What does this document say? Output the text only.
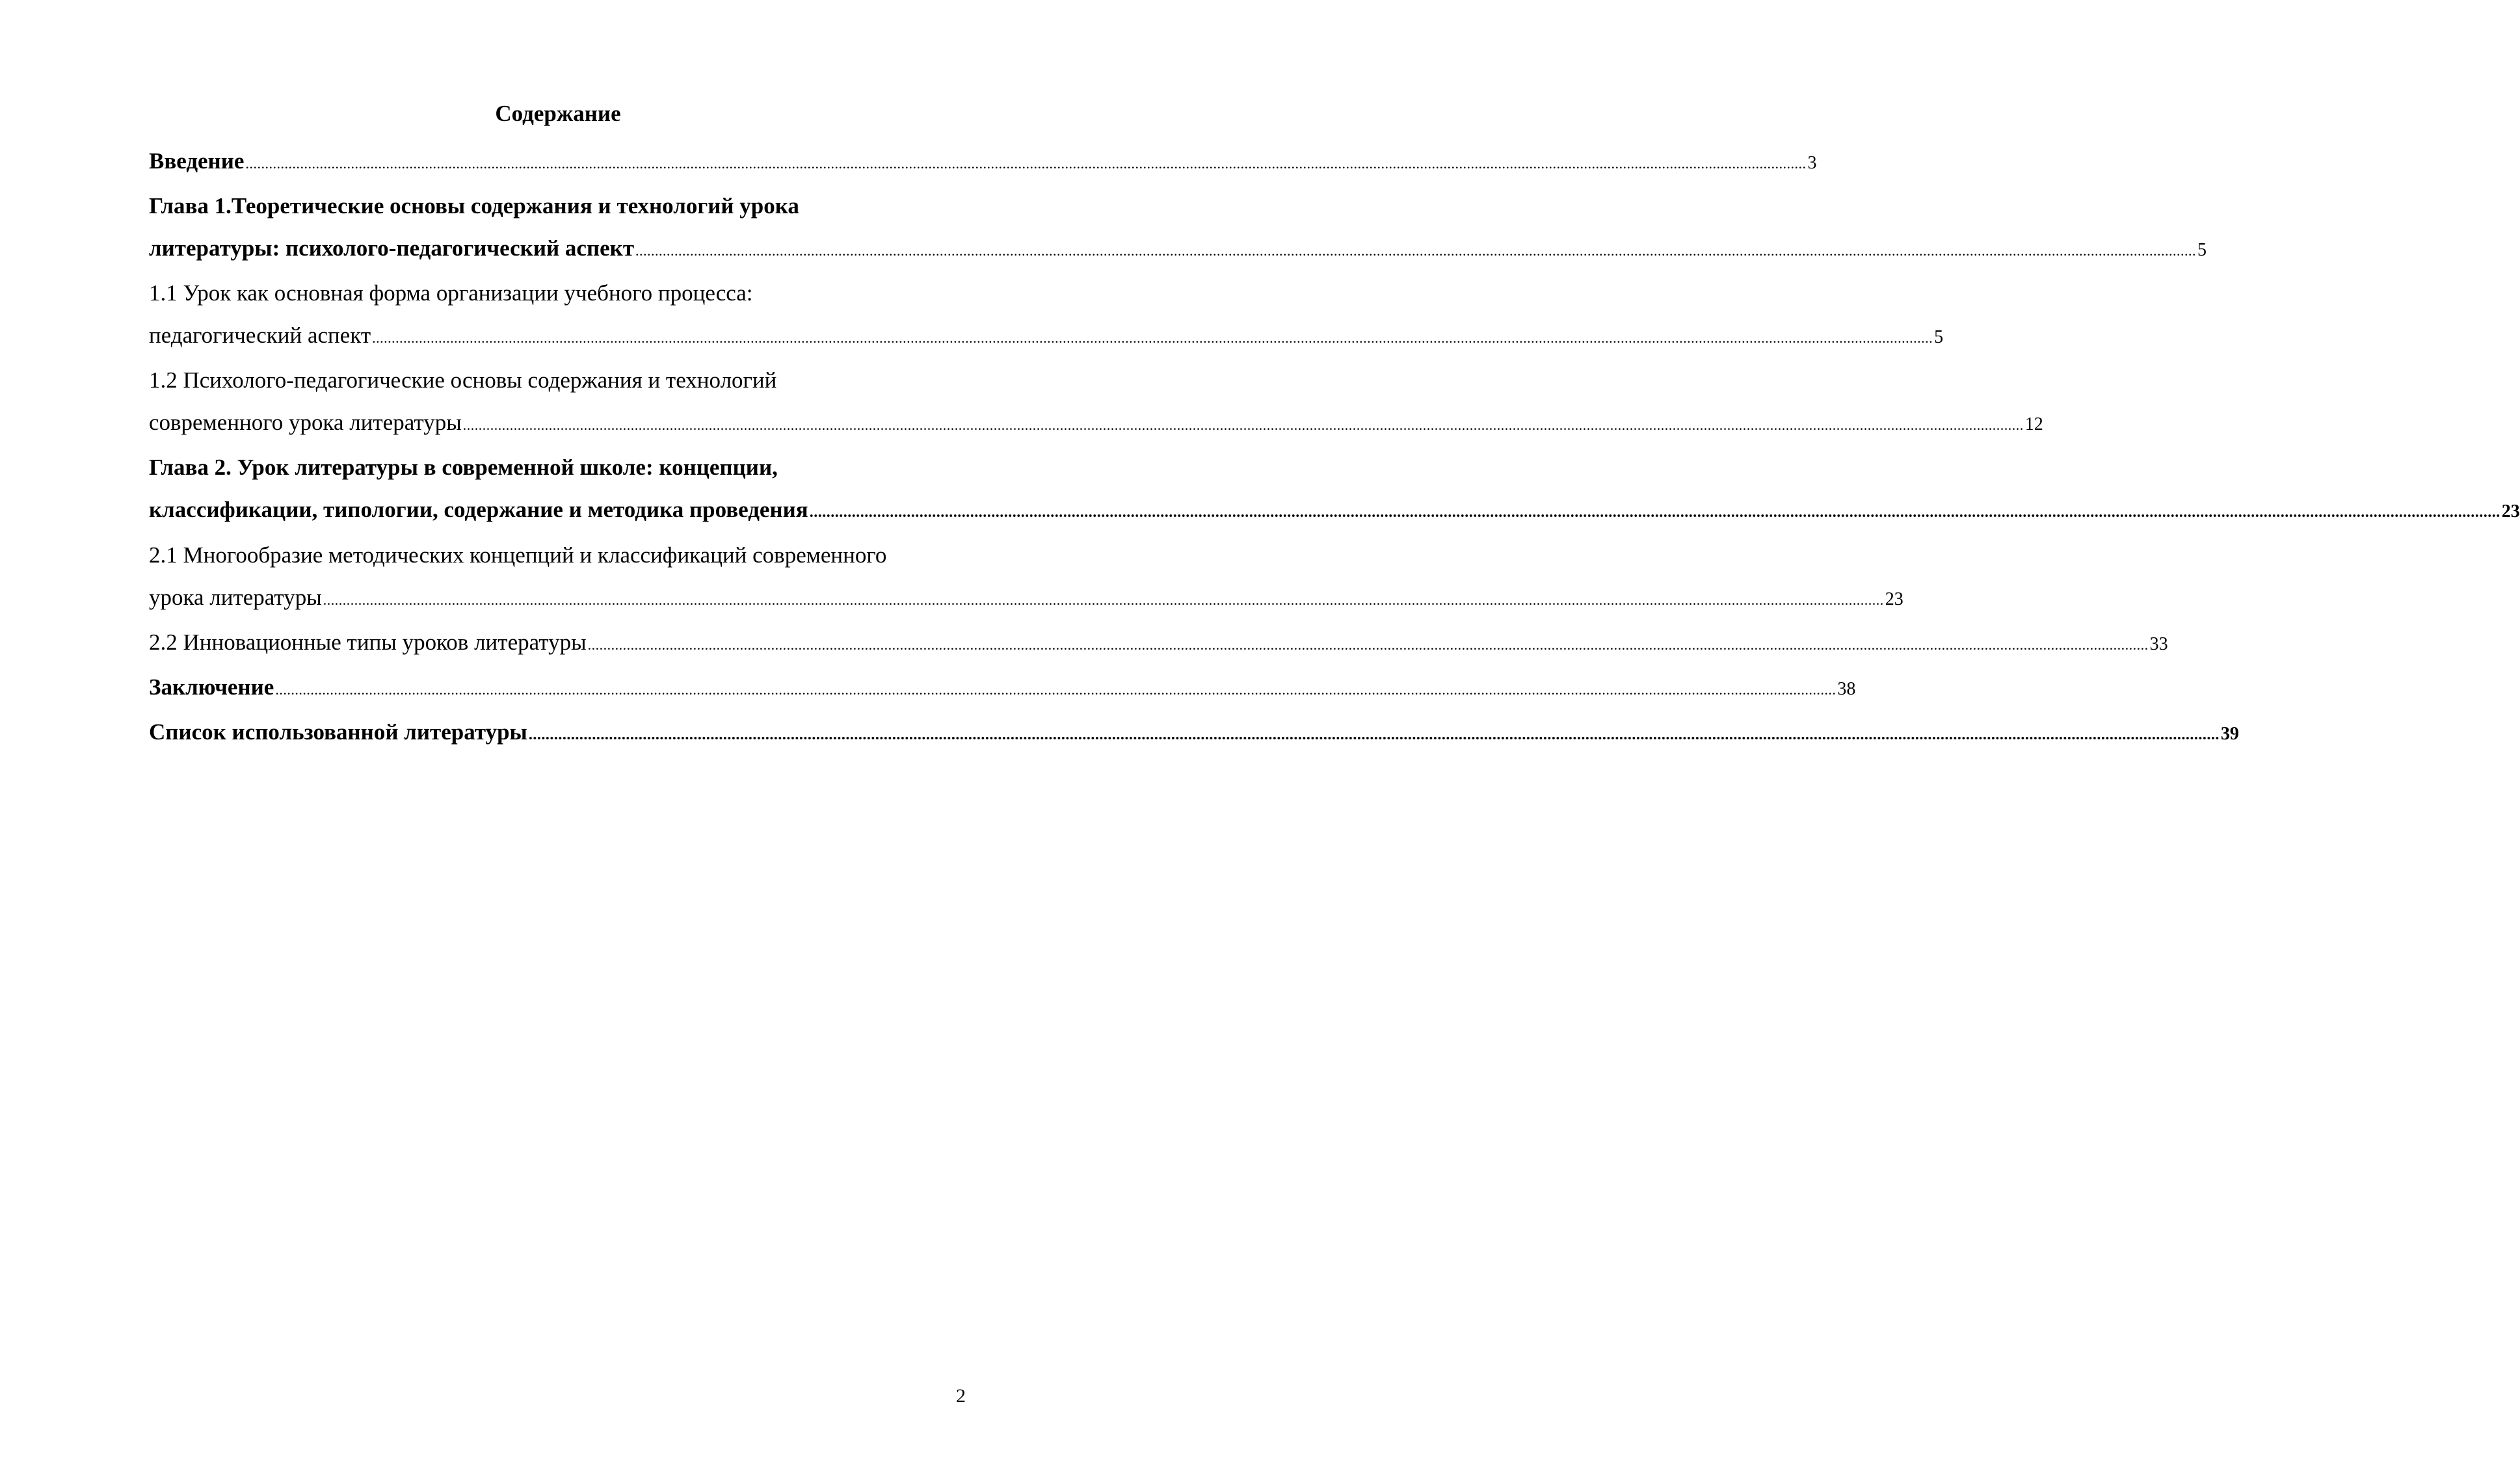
Содержание
Введение ................................................................................................................................................................................................................................................................................................................................................................................................................ 3
Глава 1.Теоретические основы содержания и технологий урока
литературы: психолого-педагогический аспект ................................................................................................................................................................................................................................................................................................................................................................................................................ 5
1.1 Урок как основная форма организации учебного процесса:
педагогический аспект ................................................................................................................................................................................................................................................................................................................................................................................................................ 5
1.2 Психолого-педагогические основы содержания и технологий
современного урока литературы ................................................................................................................................................................................................................................................................................................................................................................................................................ 12
Глава 2. Урок литературы в современной школе: концепции,
классификации, типологии, содержание и методика проведения ................................................................................................................................................................................................................................................................................................................................................................................................................ 23
2.1 Многообразие методических концепций и классификаций современного
урока литературы ................................................................................................................................................................................................................................................................................................................................................................................................................ 23
2.2 Инновационные типы уроков литературы ................................................................................................................................................................................................................................................................................................................................................................................................................ 33
Заключение ................................................................................................................................................................................................................................................................................................................................................................................................................ 38
Список использованной литературы ................................................................................................................................................................................................................................................................................................................................................................................................................ 39
2
